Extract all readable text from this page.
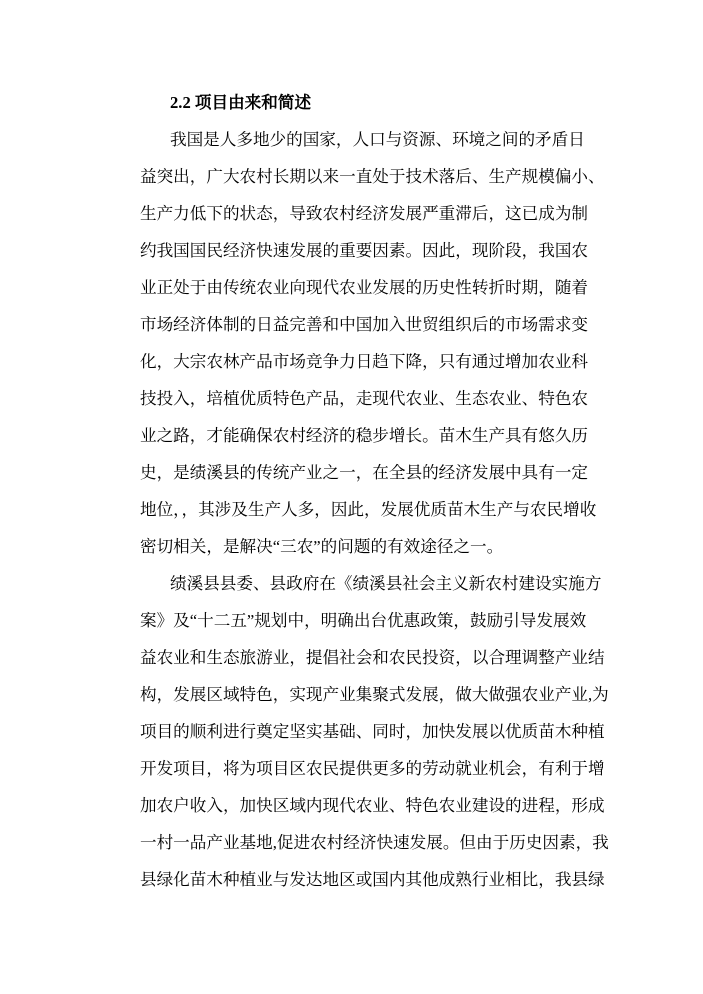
2.2 项目由来和简述
我国是人多地少的国家，人口与资源、环境之间的矛盾日
益突出，广大农村长期以来一直处于技术落后、生产规模偏小、
生产力低下的状态，导致农村经济发展严重滞后，这已成为制
约我国国民经济快速发展的重要因素。因此，现阶段，我国农
业正处于由传统农业向现代农业发展的历史性转折时期，随着
市场经济体制的日益完善和中国加入世贸组织后的市场需求变
化，大宗农林产品市场竞争力日趋下降，只有通过增加农业科
技投入，培植优质特色产品，走现代农业、生态农业、特色农
业之路，才能确保农村经济的稳步增长。苗木生产具有悠久历
史，是绩溪县的传统产业之一，在全县的经济发展中具有一定
地位，，其涉及生产人多，因此，发展优质苗木生产与农民增收
密切相关，是解决“三农”的问题的有效途径之一。
绩溪县县委、县政府在《绩溪县社会主义新农村建设实施方
案》及“十二五”规划中，明确出台优惠政策，鼓励引导发展效
益农业和生态旅游业，提倡社会和农民投资，以合理调整产业结
构，发展区域特色，实现产业集聚式发展，做大做强农业产业,为
项目的顺利进行奠定坚实基础、同时，加快发展以优质苗木种植
开发项目，将为项目区农民提供更多的劳动就业机会，有利于增
加农户收入，加快区域内现代农业、特色农业建设的进程，形成
一村一品产业基地,促进农村经济快速发展。但由于历史因素，我
县绿化苗木种植业与发达地区或国内其他成熟行业相比，我县绿
